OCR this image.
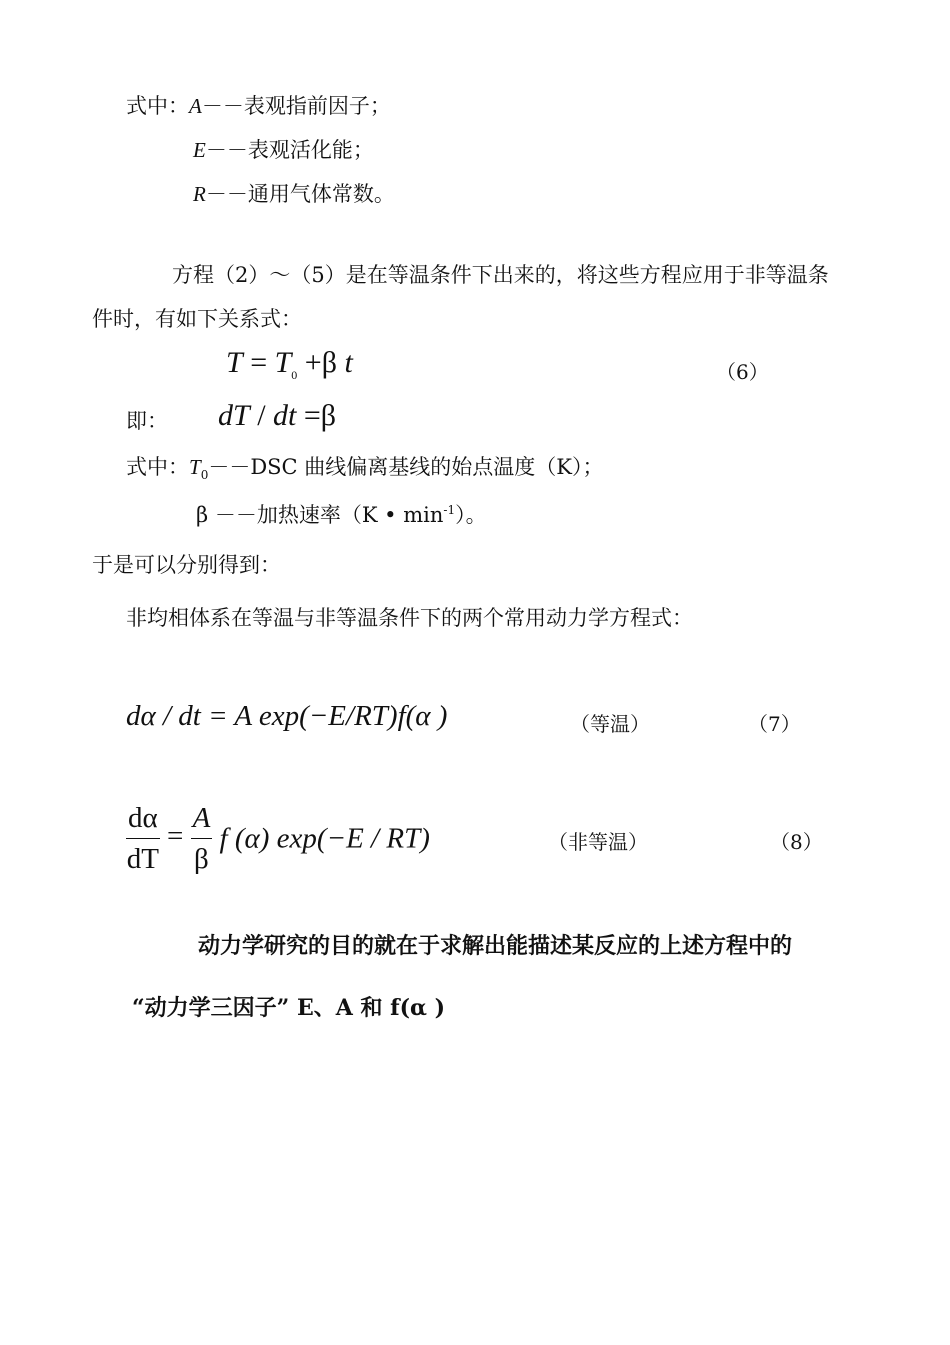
式中：A－－表观指前因子；
E－－表观活化能；
R－－通用气体常数。
方程（2）～（5）是在等温条件下出来的，将这些方程应用于非等温条
件时，有如下关系式：
$T = T_0 +\beta$ t	（6）
即： dT / dt =β
式中：$T_0--DSC$ 曲线偏离基线的始点温度（K）；
β －－加热速率（K • $\min^{-1}$）。
于是可以分别得到：
非均相体系在等温与非等温条件下的两个常用动力学方程式：
dα / dt = A exp(−E/RT)f(α )	（等温）	（7）
$\frac{d\alpha}{dT} = \frac{A}{\beta}$ f (α) exp(−E / RT)	（非等温）	（8）
动力学研究的目的就在于求解出能描述某反应的上述方程中的
“动力学三因子” E、A 和 f(α )
